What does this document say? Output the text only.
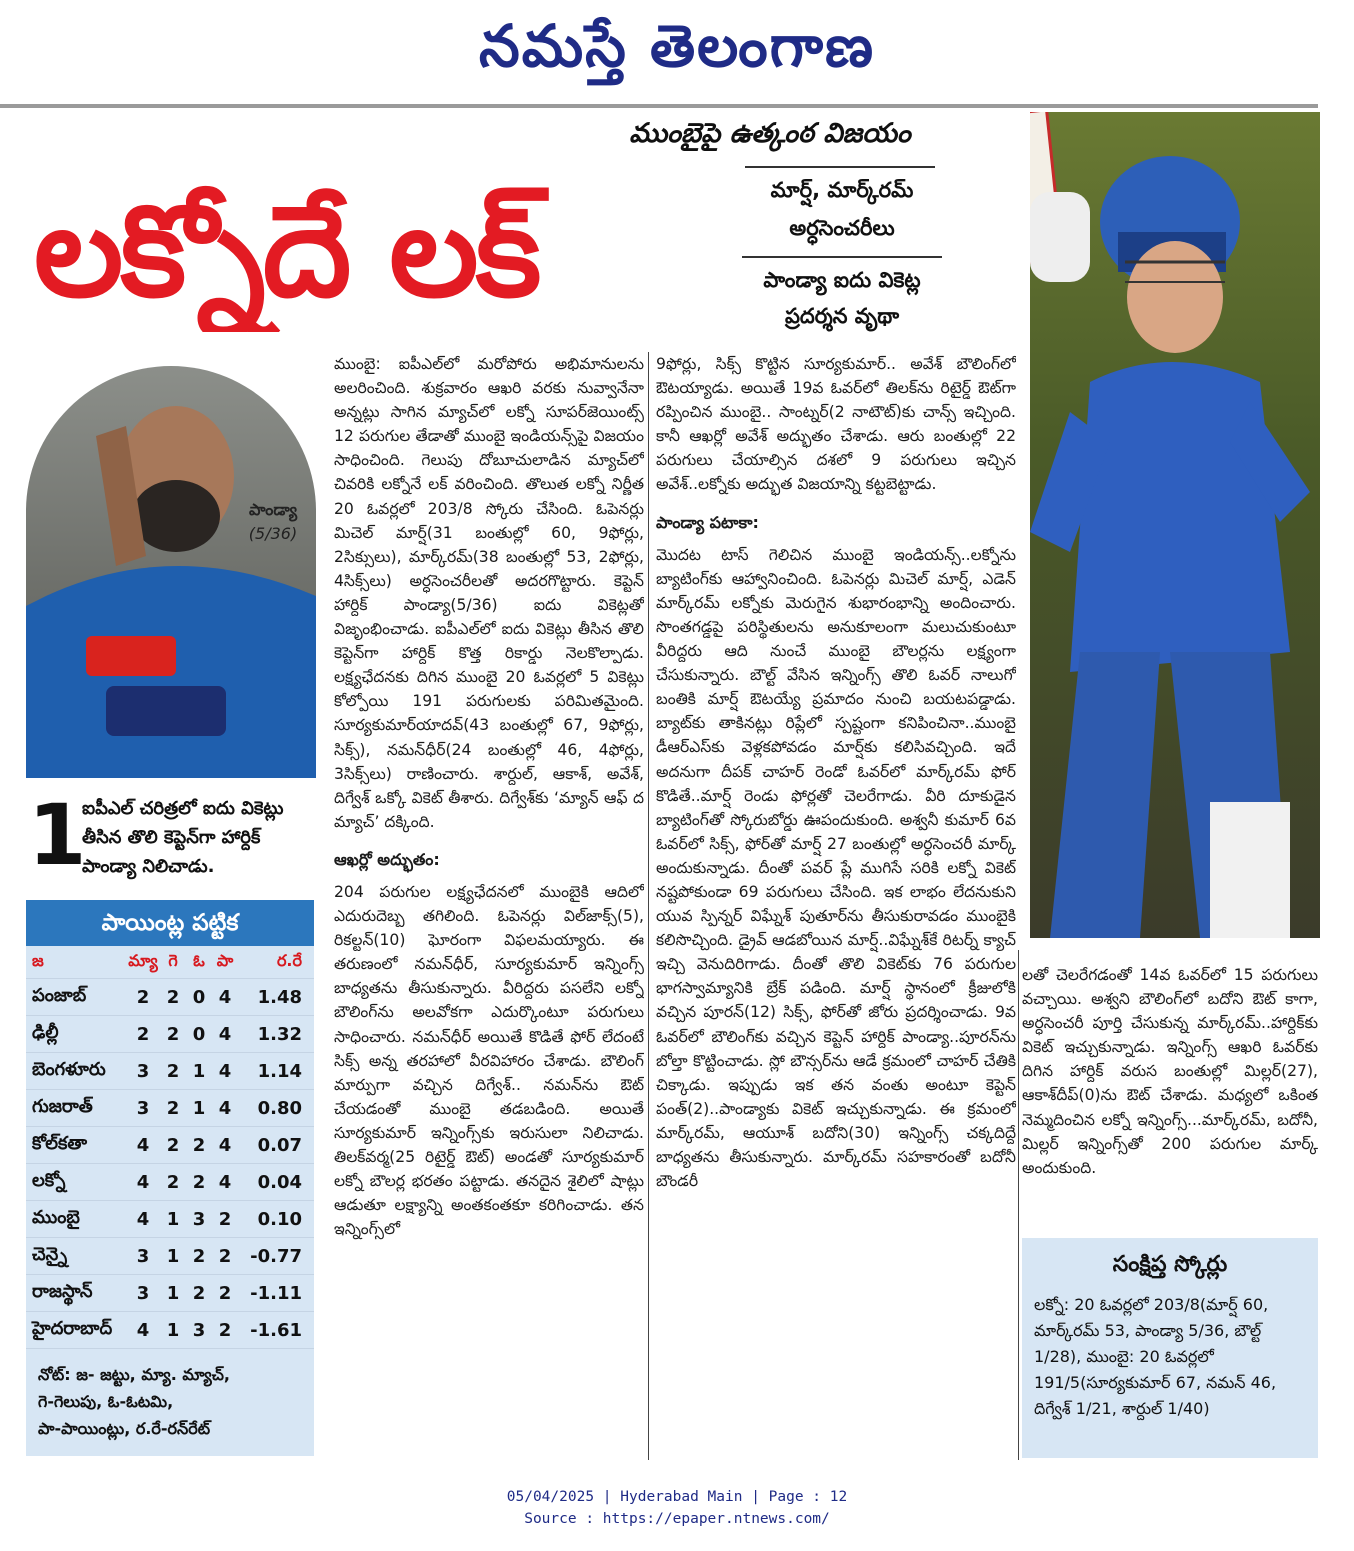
నమస్తే తెలంగాణ
ముంబైపై ఉత్కంఠ విజయం
లక్నోదే లక్	మార్ష్, మార్క్‌రమ్
అర్ధసెంచరీలు
పాండ్యా ఐదు వికెట్ల
ప్రదర్శన వృథా
పాండ్యా
(5/36)
1
ఐపీఎల్ చరిత్రలో ఐదు వికెట్లు తీసిన తొలి కెప్టెన్‌గా హార్దిక్ పాండ్యా నిలిచాడు.

ముంబై: ఐపీఎల్‌లో మరోపోరు అభిమానులను అలరించింది. శుక్రవారం ఆఖరి వరకు నువ్వానేనా అన్నట్లు సాగిన మ్యాచ్‌లో లక్నో సూపర్‌జెయింట్స్ 12 పరుగుల తేడాతో ముంబై ఇండియన్స్‌పై విజయం సాధించింది. గెలుపు దోబూచులాడిన మ్యాచ్‌లో చివరికి లక్నోనే లక్ వరించింది. తొలుత లక్నో నిర్ణీత 20 ఓవర్లలో 203/8 స్కోరు చేసింది. ఓపెనర్లు మిచెల్ మార్ష్(31 బంతుల్లో 60, 9ఫోర్లు, 2సిక్సులు), మార్క్‌రమ్(38 బంతుల్లో 53, 2ఫోర్లు, 4సిక్స్‌లు) అర్ధసెంచరీలతో అదరగొట్టారు. కెప్టెన్ హార్దిక్ పాండ్యా(5/36) ఐదు వికెట్లతో విజృంభించాడు. ఐపీఎల్‌లో ఐదు వికెట్లు తీసిన తొలి కెప్టెన్‌గా హార్దిక్ కొత్త రికార్డు నెలకొల్పాడు. లక్ష్యఛేదనకు దిగిన ముంబై 20 ఓవర్లలో 5 వికెట్లు కోల్పోయి 191 పరుగులకు పరిమితమైంది. సూర్యకుమార్‌యాదవ్(43 బంతుల్లో 67, 9ఫోర్లు, సిక్స్), నమన్‌ధీర్(24 బంతుల్లో 46, 4ఫోర్లు, 3సిక్స్‌లు) రాణించారు. శార్దుల్, ఆకాశ్, అవేశ్, దిగ్వేశ్ ఒక్కో వికెట్ తీశారు. దిగ్వేశ్‌కు ‘మ్యాన్ ఆఫ్ ద మ్యాచ్’ దక్కింది.

ఆఖర్లో అద్భుతం:

204 పరుగుల లక్ష్యఛేదనలో ముంబైకి ఆదిలో ఎదురుదెబ్బ తగిలింది. ఓపెనర్లు విల్‌జాక్స్(5), రికల్టన్(10) ఘోరంగా విఫలమయ్యారు. ఈ తరుణంలో నమన్‌ధీర్, సూర్యకుమార్ ఇన్నింగ్స్ బాధ్యతను తీసుకున్నారు. వీరిద్దరు పసలేని లక్నో బౌలింగ్‌ను అలవోకగా ఎదుర్కొంటూ పరుగులు సాధించారు. నమన్‌ధీర్ అయితే కొడితే ఫోర్ లేదంటే సిక్స్ అన్న తరహాలో వీరవిహారం చేశాడు. బౌలింగ్ మార్పుగా వచ్చిన దిగ్వేశ్.. నమన్‌ను ఔట్ చేయడంతో ముంబై తడబడింది. అయితే సూర్యకుమార్ ఇన్నింగ్స్‌కు ఇరుసులా నిలిచాడు. తిలక్‌వర్మ(25 రిటైర్డ్ ఔట్) అండతో సూర్యకుమార్ లక్నో బౌలర్ల భరతం పట్టాడు. తనదైన శైలిలో షాట్లు ఆడుతూ లక్ష్యాన్ని అంతకంతకూ కరిగించాడు. తన ఇన్నింగ్స్‌లో

9ఫోర్లు, సిక్స్ కొట్టిన సూర్యకుమార్.. అవేశ్ బౌలింగ్‌లో ఔటయ్యాడు. అయితే 19వ ఓవర్‌లో తిలక్‌ను రిటైర్డ్ ఔట్‌గా రప్పించిన ముంబై.. సాంట్నర్(2 నాటౌట్)కు చాన్స్ ఇచ్చింది. కానీ ఆఖర్లో అవేశ్ అద్భుతం చేశాడు. ఆరు బంతుల్లో 22 పరుగులు చేయాల్సిన దశలో 9 పరుగులు ఇచ్చిన అవేశ్..లక్నోకు అద్భుత విజయాన్ని కట్టబెట్టాడు.

పాండ్యా పటాకా:

మొదట టాస్ గెలిచిన ముంబై ఇండియన్స్..లక్నోను బ్యాటింగ్‌కు ఆహ్వానించింది. ఓపెనర్లు మిచెల్ మార్ష్, ఎడెన్ మార్క్‌రమ్ లక్నోకు మెరుగైన శుభారంభాన్ని అందించారు. సొంతగడ్డపై పరిస్థితులను అనుకూలంగా మలుచుకుంటూ వీరిద్దరు ఆది నుంచే ముంబై బౌలర్లను లక్ష్యంగా చేసుకున్నారు. బౌల్ట్ వేసిన ఇన్నింగ్స్ తొలి ఓవర్ నాలుగో బంతికి మార్ష్ ఔటయ్యే ప్రమాదం నుంచి బయటపడ్డాడు. బ్యాట్‌కు తాకినట్లు రిప్లేలో స్పష్టంగా కనిపించినా..ముంబై డీఆర్‌ఎస్‌కు వెళ్లకపోవడం మార్ష్‌కు కలిసివచ్చింది. ఇదే అదనుగా దీపక్ చాహర్ రెండో ఓవర్‌లో మార్క్‌రమ్ ఫోర్ కొడితే..మార్ష్ రెండు ఫోర్లతో చెలరేగాడు. వీరి దూకుడైన బ్యాటింగ్‌తో స్కోరుబోర్డు ఊపందుకుంది. అశ్వనీ కుమార్ 6వ ఓవర్‌లో సిక్స్, ఫోర్‌తో మార్ష్ 27 బంతుల్లో అర్ధసెంచరీ మార్క్ అందుకున్నాడు. దీంతో పవర్ ప్లే ముగిసే సరికి లక్నో వికెట్ నష్టపోకుండా 69 పరుగులు చేసింది. ఇక లాభం లేదనుకుని యువ స్పిన్నర్ విఘ్నేశ్ పుతూర్‌ను తీసుకురావడం ముంబైకి కలిసొచ్చింది. డ్రైవ్ ఆడబోయిన మార్ష్..విఘ్నేశ్‌కే రిటర్న్ క్యాచ్ ఇచ్చి వెనుదిరిగాడు. దీంతో తొలి వికెట్‌కు 76 పరుగుల భాగస్వామ్యానికి బ్రేక్ పడింది. మార్ష్ స్థానంలో క్రీజులోకి వచ్చిన పూరన్(12) సిక్స్, ఫోర్‌తో జోరు ప్రదర్శించాడు. 9వ ఓవర్‌లో బౌలింగ్‌కు వచ్చిన కెప్టెన్ హార్దిక్ పాండ్యా..పూరన్‌ను బోల్తా కొట్టించాడు. స్లో బౌన్సర్‌ను ఆడే క్రమంలో చాహర్ చేతికి చిక్కాడు. ఇప్పుడు ఇక తన వంతు అంటూ కెప్టెన్ పంత్(2)..పాండ్యాకు వికెట్ ఇచ్చుకున్నాడు. ఈ క్రమంలో మార్క్‌రమ్, ఆయూశ్ బదోని(30) ఇన్నింగ్స్ చక్కదిద్దే బాధ్యతను తీసుకున్నారు. మార్క్‌రమ్ సహకారంతో బదోనీ బౌండరీ

లతో చెలరేగడంతో 14వ ఓవర్‌లో 15 పరుగులు వచ్చాయి. అశ్వని బౌలింగ్‌లో బదోని ఔట్ కాగా, అర్ధసెంచరీ పూర్తి చేసుకున్న మార్క్‌రమ్..హార్దిక్‌కు వికెట్ ఇచ్చుకున్నాడు. ఇన్నింగ్స్ ఆఖరి ఓవర్‌కు దిగిన హార్దిక్ వరుస బంతుల్లో మిల్లర్(27), ఆకాశ్‌దీప్(0)ను ఔట్ చేశాడు. మధ్యలో ఒకింత నెమ్మదించిన లక్నో ఇన్నింగ్స్...మార్క్‌రమ్, బదోనీ, మిల్లర్ ఇన్నింగ్స్‌తో 200 పరుగుల మార్క్ అందుకుంది.

పాయింట్ల పట్టిక
జ	మ్యా గె ఓ పా	ర.రే
పంజాబ్	2 2 0 4	1.48
ఢిల్లీ	2 2 0 4	1.32
బెంగళూరు	3 2 1 4	1.14
గుజరాత్	3 2 1 4	0.80
కోల్‌కతా	4 2 2 4	0.07
లక్నో	4 2 2 4	0.04
ముంబై	4 1 3 2	0.10
చెన్నై	3 1 2 2	-0.77
రాజస్థాన్	3 1 2 2	-1.11
హైదరాబాద్	4 1 3 2	-1.61
నోట్: జ- జట్టు, మ్యా. మ్యాచ్,
గె-గెలుపు, ఓ-ఓటమి,
పా-పాయింట్లు, ర.రే-రన్‌రేట్
సంక్షిప్త స్కోర్లు
లక్నో: 20 ఓవర్లలో 203/8(మార్ష్ 60, మార్క్‌రమ్ 53, పాండ్యా 5/36, బౌల్ట్ 1/28), ముంబై: 20 ఓవర్లలో 191/5(సూర్యకుమార్ 67, నమన్ 46, దిగ్వేశ్ 1/21, శార్దుల్ 1/40)
05/04/2025 | Hyderabad Main | Page : 12
Source : https://epaper.ntnews.com/
